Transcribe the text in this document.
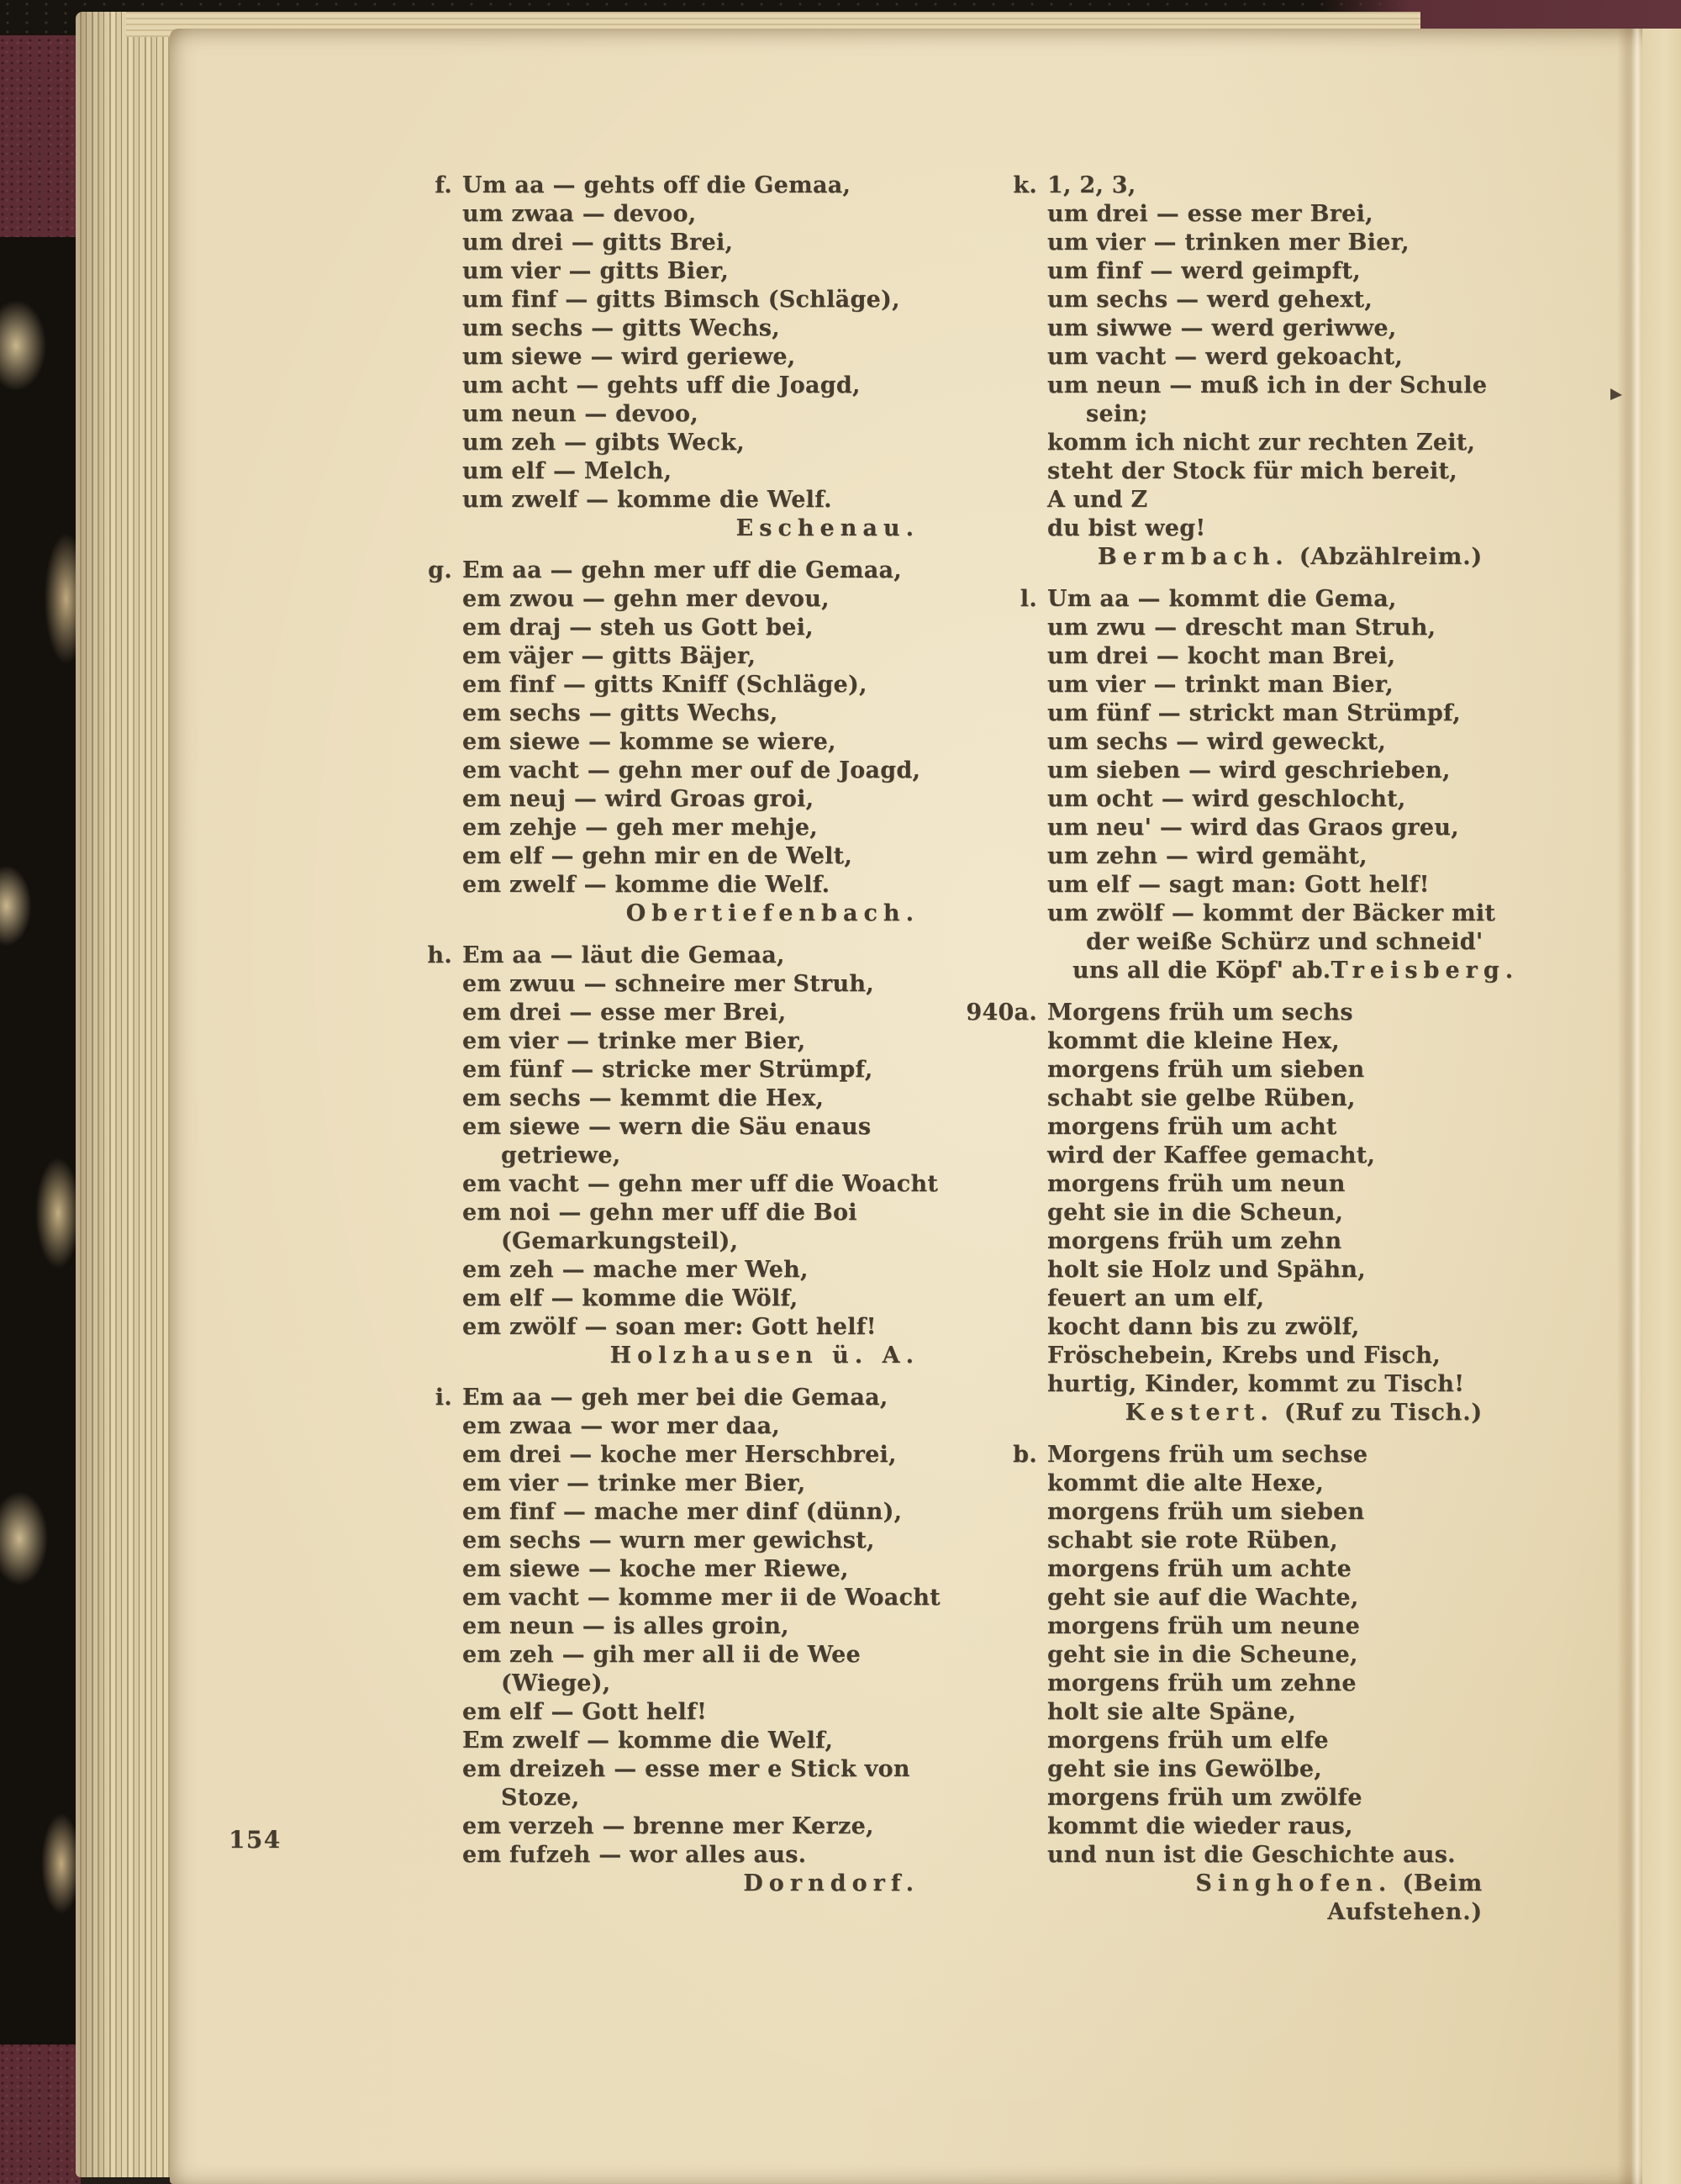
f. Um aa — gehts off die Gemaa,
um zwaa — devoo,
um drei — gitts Brei,
um vier — gitts Bier,
um finf — gitts Bimsch (Schläge),
um sechs — gitts Wechs,
um siewe — wird geriewe,
um acht — gehts uff die Joagd,
um neun — devoo,
um zeh — gibts Weck,
um elf — Melch,
um zwelf — komme die Welf.
Eschenau.
g. Em aa — gehn mer uff die Gemaa,
em zwou — gehn mer devou,
em draj — steh us Gott bei,
em väjer — gitts Bäjer,
em finf — gitts Kniff (Schläge),
em sechs — gitts Wechs,
em siewe — komme se wiere,
em vacht — gehn mer ouf de Joagd,
em neuj — wird Groas groi,
em zehje — geh mer mehje,
em elf — gehn mir en de Welt,
em zwelf — komme die Welf.
Obertiefenbach.
h. Em aa — läut die Gemaa,
em zwuu — schneire mer Struh,
em drei — esse mer Brei,
em vier — trinke mer Bier,
em fünf — stricke mer Strümpf,
em sechs — kemmt die Hex,
em siewe — wern die Säu enaus
getriewe,
em vacht — gehn mer uff die Woacht
em noi — gehn mer uff die Boi
(Gemarkungsteil),
em zeh — mache mer Weh,
em elf — komme die Wölf,
em zwölf — soan mer: Gott helf!
Holzhausen ü. A.
i. Em aa — geh mer bei die Gemaa,
em zwaa — wor mer daa,
em drei — koche mer Herschbrei,
em vier — trinke mer Bier,
em finf — mache mer dinf (dünn),
em sechs — wurn mer gewichst,
em siewe — koche mer Riewe,
em vacht — komme mer ii de Woacht
em neun — is alles groin,
em zeh — gih mer all ii de Wee
(Wiege),
em elf — Gott helf!
Em zwelf — komme die Welf,
em dreizeh — esse mer e Stick von
Stoze,
em verzeh — brenne mer Kerze,
em fufzeh — wor alles aus.
Dorndorf.
k. 1, 2, 3,
um drei — esse mer Brei,
um vier — trinken mer Bier,
um finf — werd geimpft,
um sechs — werd gehext,
um siwwe — werd geriwwe,
um vacht — werd gekoacht,
um neun — muß ich in der Schule
sein;
komm ich nicht zur rechten Zeit,
steht der Stock für mich bereit,
A und Z
du bist weg!
Bermbach. (Abzählreim.)
l. Um aa — kommt die Gema,
um zwu — drescht man Struh,
um drei — kocht man Brei,
um vier — trinkt man Bier,
um fünf — strickt man Strümpf,
um sechs — wird geweckt,
um sieben — wird geschrieben,
um ocht — wird geschlocht,
um neu' — wird das Graos greu,
um zehn — wird gemäht,
um elf — sagt man: Gott helf!
um zwölf — kommt der Bäcker mit
der weiße Schürz und schneid'
uns all die Köpf' ab. Treisberg.
940a. Morgens früh um sechs
kommt die kleine Hex,
morgens früh um sieben
schabt sie gelbe Rüben,
morgens früh um acht
wird der Kaffee gemacht,
morgens früh um neun
geht sie in die Scheun,
morgens früh um zehn
holt sie Holz und Spähn,
feuert an um elf,
kocht dann bis zu zwölf,
Fröschebein, Krebs und Fisch,
hurtig, Kinder, kommt zu Tisch!
Kestert. (Ruf zu Tisch.)
b. Morgens früh um sechse
kommt die alte Hexe,
morgens früh um sieben
schabt sie rote Rüben,
morgens früh um achte
geht sie auf die Wachte,
morgens früh um neune
geht sie in die Scheune,
morgens früh um zehne
holt sie alte Späne,
morgens früh um elfe
geht sie ins Gewölbe,
morgens früh um zwölfe
kommt die wieder raus,
und nun ist die Geschichte aus.
Singhofen. (Beim Aufstehen.)
154
